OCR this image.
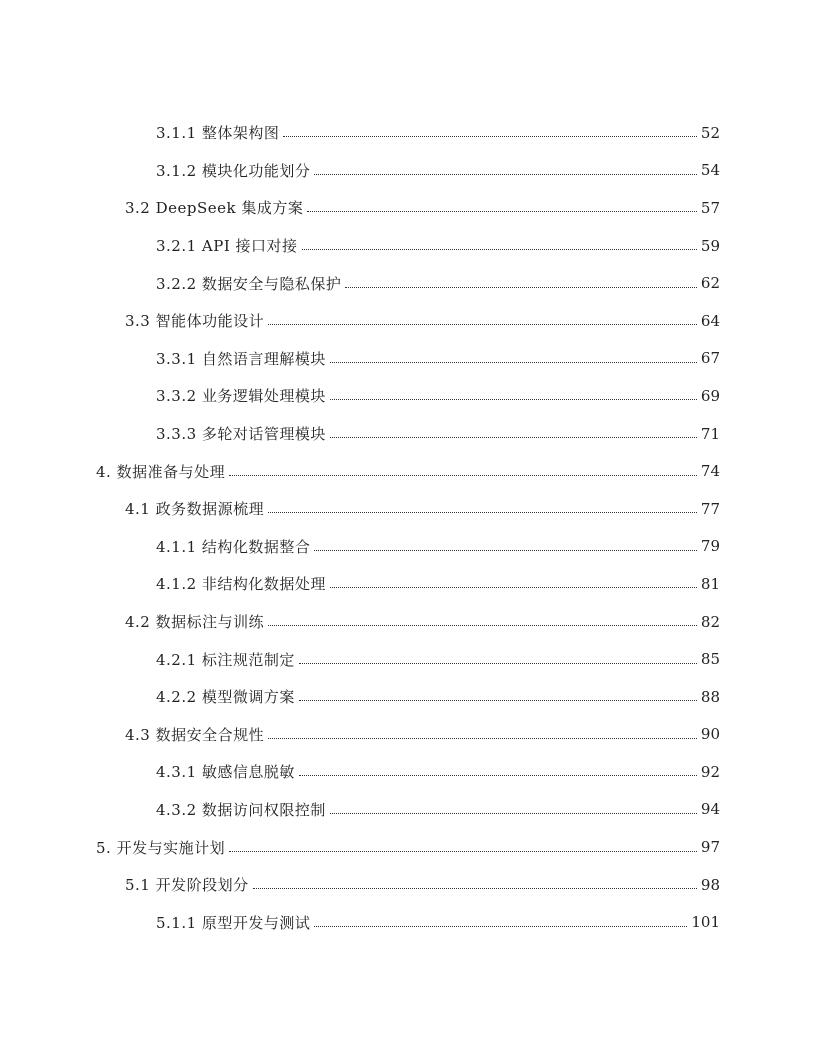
3.1.1 整体架构图	52
3.1.2 模块化功能划分	54
3.2 DeepSeek 集成方案	57
3.2.1 API 接口对接	59
3.2.2 数据安全与隐私保护	62
3.3 智能体功能设计	64
3.3.1 自然语言理解模块	67
3.3.2 业务逻辑处理模块	69
3.3.3 多轮对话管理模块	71
4. 数据准备与处理	74
4.1 政务数据源梳理	77
4.1.1 结构化数据整合	79
4.1.2 非结构化数据处理	81
4.2 数据标注与训练	82
4.2.1 标注规范制定	85
4.2.2 模型微调方案	88
4.3 数据安全合规性	90
4.3.1 敏感信息脱敏	92
4.3.2 数据访问权限控制	94
5. 开发与实施计划	97
5.1 开发阶段划分	98
5.1.1 原型开发与测试	101
